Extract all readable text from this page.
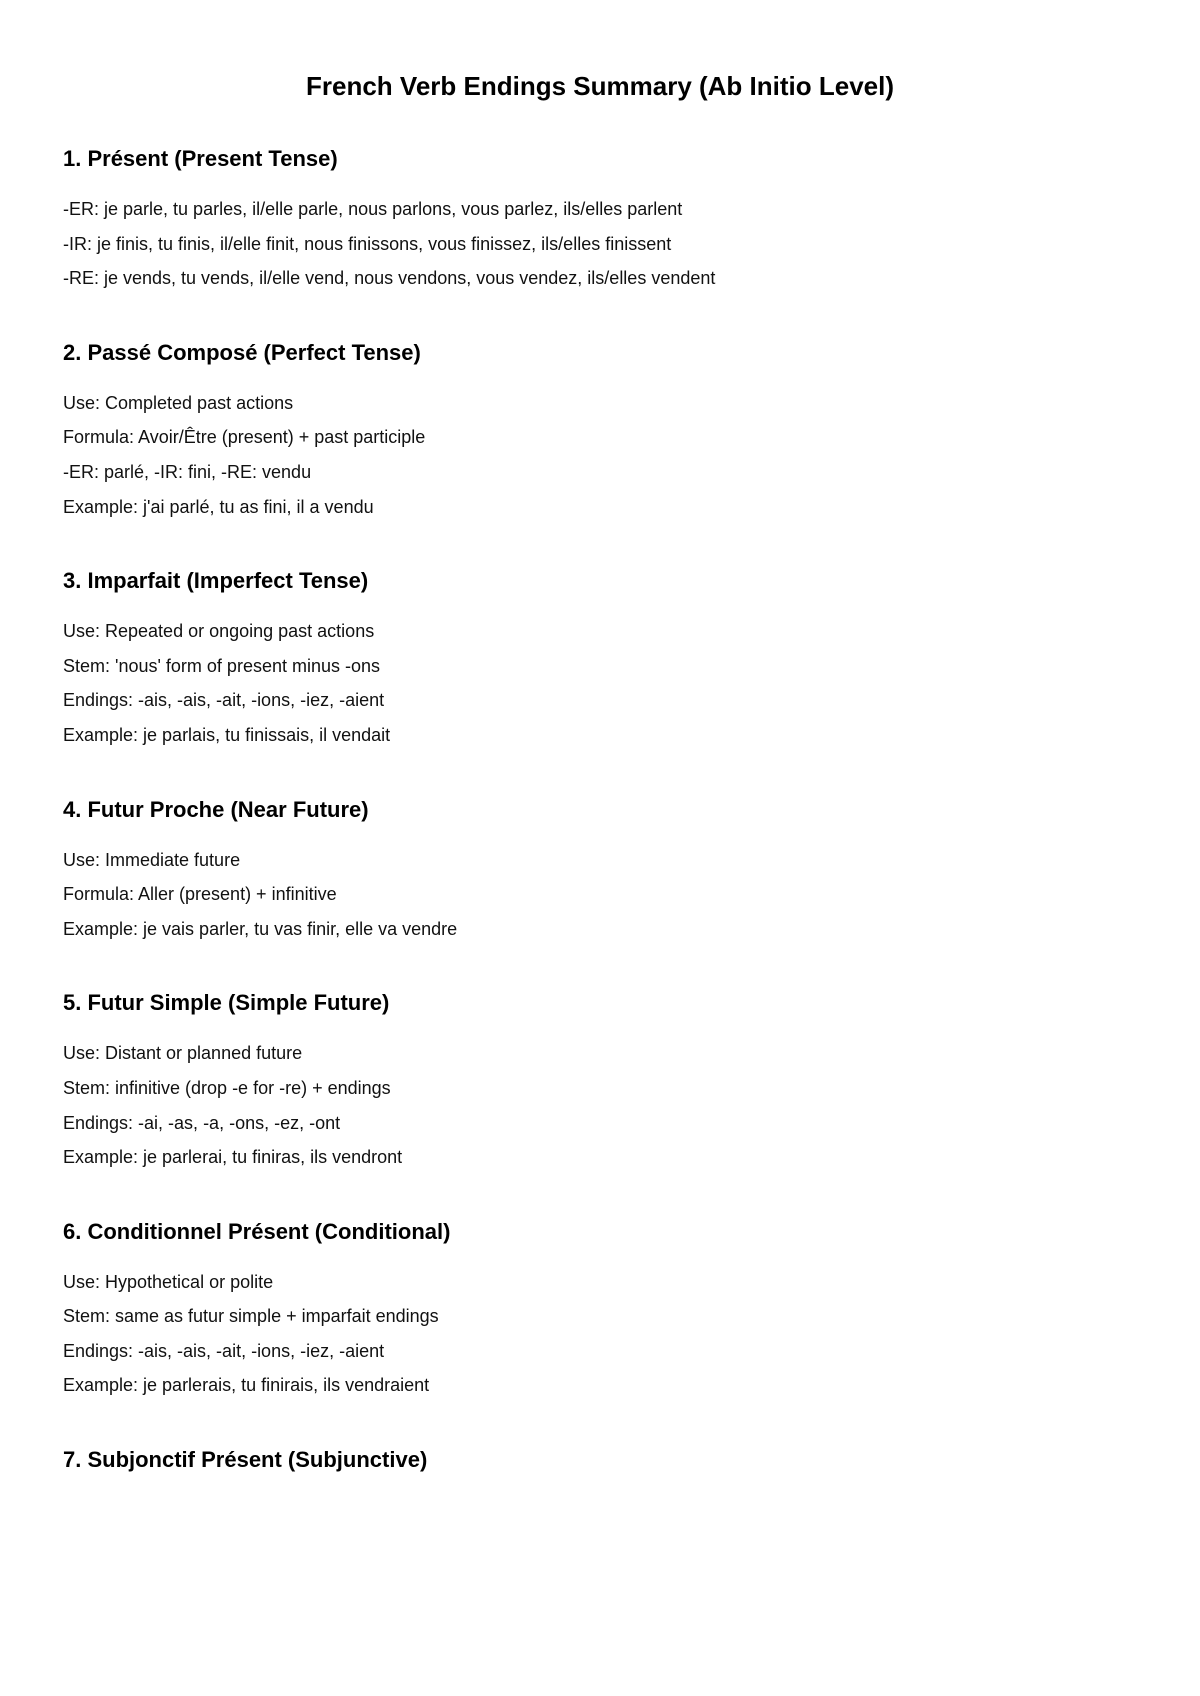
French Verb Endings Summary (Ab Initio Level)
1. Présent (Present Tense)
-ER: je parle, tu parles, il/elle parle, nous parlons, vous parlez, ils/elles parlent
-IR: je finis, tu finis, il/elle finit, nous finissons, vous finissez, ils/elles finissent
-RE: je vends, tu vends, il/elle vend, nous vendons, vous vendez, ils/elles vendent
2. Passé Composé (Perfect Tense)
Use: Completed past actions
Formula: Avoir/Être (present) + past participle
-ER: parlé, -IR: fini, -RE: vendu
Example: j'ai parlé, tu as fini, il a vendu
3. Imparfait (Imperfect Tense)
Use: Repeated or ongoing past actions
Stem: 'nous' form of present minus -ons
Endings: -ais, -ais, -ait, -ions, -iez, -aient
Example: je parlais, tu finissais, il vendait
4. Futur Proche (Near Future)
Use: Immediate future
Formula: Aller (present) + infinitive
Example: je vais parler, tu vas finir, elle va vendre
5. Futur Simple (Simple Future)
Use: Distant or planned future
Stem: infinitive (drop -e for -re) + endings
Endings: -ai, -as, -a, -ons, -ez, -ont
Example: je parlerai, tu finiras, ils vendront
6. Conditionnel Présent (Conditional)
Use: Hypothetical or polite
Stem: same as futur simple + imparfait endings
Endings: -ais, -ais, -ait, -ions, -iez, -aient
Example: je parlerais, tu finirais, ils vendraient
7. Subjonctif Présent (Subjunctive)
